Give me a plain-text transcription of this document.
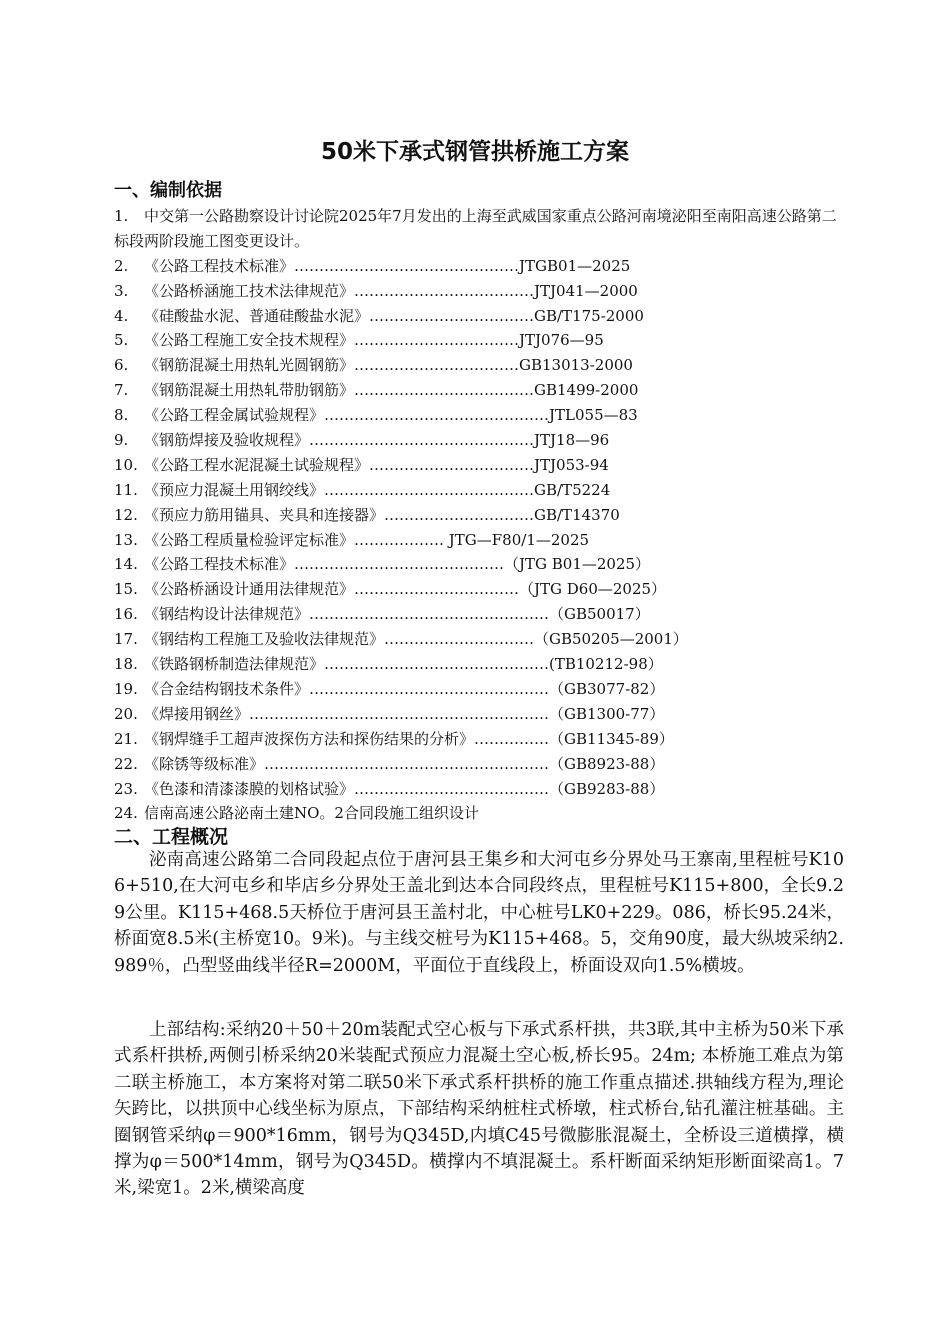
50米下承式钢管拱桥施工方案
一、编制依据
1. 中交第一公路勘察设计讨论院2025年7月发出的上海至武威国家重点公路河南境泌阳至南阳高速公路第二标段两阶段施工图变更设计。
2. 《公路工程技术标准》………………………………………JTGB01—2025
3. 《公路桥涵施工技术法律规范》………………………………JTJ041—2000
4. 《硅酸盐水泥、普通硅酸盐水泥》……………………………GB/T175-2000
5. 《公路工程施工安全技术规程》……………………………JTJ076—95
6. 《钢筋混凝土用热轧光圆钢筋》……………………………GB13013-2000
7. 《钢筋混凝土用热轧带肋钢筋》………………………………GB1499-2000
8. 《公路工程金属试验规程》………………………………………JTL055—83
9. 《钢筋焊接及验收规程》………………………………………JTJ18—96
10. 《公路工程水泥混凝土试验规程》……………………………JTJ053-94
11. 《预应力混凝土用钢绞线》……………………………………GB/T5224
12. 《预应力筋用锚具、夹具和连接器》…………………………GB/T14370
13. 《公路工程质量检验评定标准》……………… JTG—F80/1—2025
14. 《公路工程技术标准》……………………………………（JTG B01—2025）
15. 《公路桥涵设计通用法律规范》……………………………（JTG D60—2025）
16. 《钢结构设计法律规范》…………………………………………（GB50017）
17. 《钢结构工程施工及验收法律规范》…………………………（GB50205—2001）
18. 《铁路钢桥制造法律规范》………………………………………(TB10212-98）
19. 《合金结构钢技术条件》…………………………………………（GB3077-82）
20. 《焊接用钢丝》……………………………………………………（GB1300-77）
21. 《钢焊缝手工超声波探伤方法和探伤结果的分析》……………（GB11345-89）
22. 《除锈等级标准》…………………………………………………（GB8923-88）
23. 《色漆和清漆漆膜的划格试验》…………………………………（GB9283-88）
24. 信南高速公路泌南土建NO。2合同段施工组织设计
二、工程概况

泌南高速公路第二合同段起点位于唐河县王集乡和大河屯乡分界处马王寨南,里程桩号K106+510,在大河屯乡和毕店乡分界处王盖北到达本合同段终点，里程桩号K115+800，全长9.29公里。K115+468.5天桥位于唐河县王盖村北，中心桩号LK0+229。086，桥长95.24米，桥面宽8.5米(主桥宽10。9米)。与主线交桩号为K115+468。5，交角90度，最大纵坡采纳2.989％，凸型竖曲线半径R=2000M，平面位于直线段上，桥面设双向1.5%横坡。

上部结构:采纳20＋50＋20m装配式空心板与下承式系杆拱，共3联,其中主桥为50米下承式系杆拱桥,两侧引桥采纳20米装配式预应力混凝土空心板,桥长95。24m; 本桥施工难点为第二联主桥施工，本方案将对第二联50米下承式系杆拱桥的施工作重点描述.拱轴线方程为,理论矢跨比，以拱顶中心线坐标为原点，下部结构采纳桩柱式桥墩，柱式桥台,钻孔灌注桩基础。主圈钢管采纳φ＝900*16mm，钢号为Q345D,内填C45号微膨胀混凝土，全桥设三道横撑，横撑为φ＝500*14mm，钢号为Q345D。横撑内不填混凝土。系杆断面采纳矩形断面梁高1。7米,梁宽1。2米,横梁高度
